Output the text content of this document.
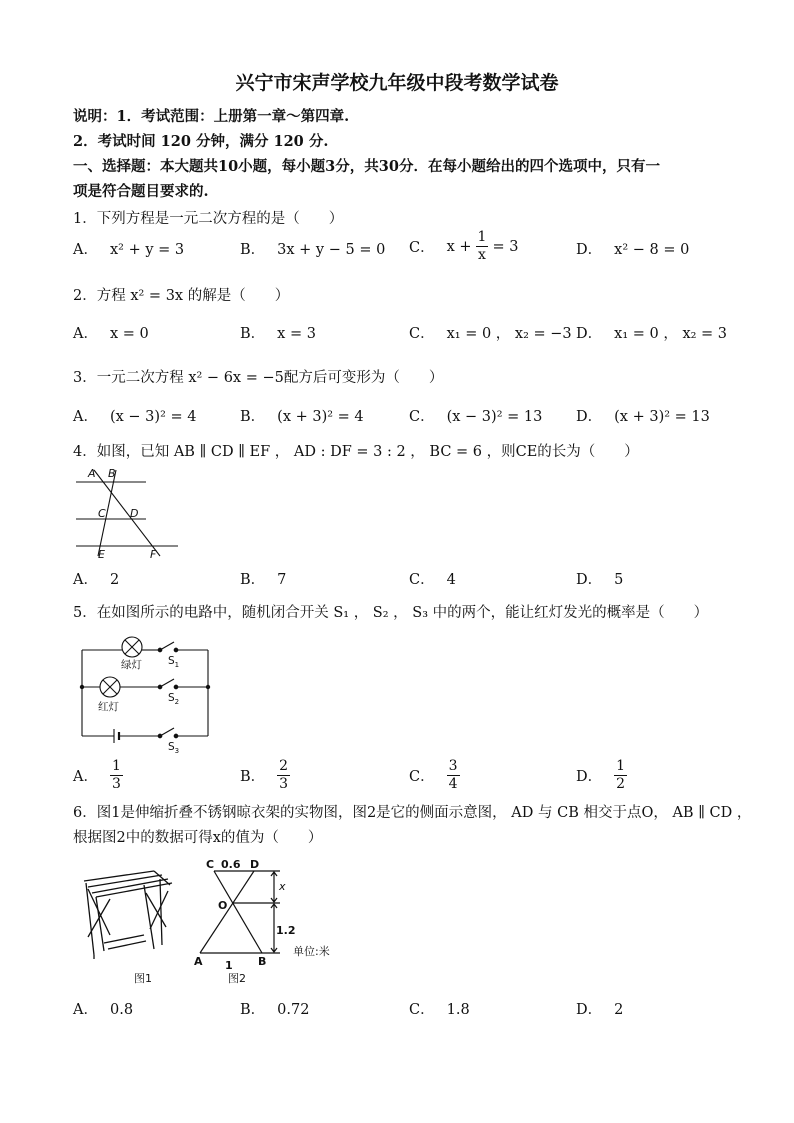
兴宁市宋声学校九年级中段考数学试卷
说明：1．考试范围：上册第一章～第四章.
2．考试时间 120 分钟，满分 120 分.
一、选择题：本大题共10小题，每小题3分，共30分．在每小题给出的四个选项中，只有一
项是符合题目要求的.
1．下列方程是一元二次方程的是（　　）
A． x² + y = 3	B． 3x + y − 5 = 0 C． $x + \frac{1}{x} = 3$	D． x² − 8 = 0
2．方程 x² = 3x 的解是（　　）
A． x = 0	B． x = 3	C． x₁ = 0 ， x₂ = −3 D． x₁ = 0 ， x₂ = 3
3．一元二次方程 x² − 6x = −5配方后可变形为（　　）
A． (x − 3)² = 4	B． (x + 3)² = 4	C． (x − 3)² = 13 D． (x + 3)² = 13
4．如图，已知 AB ∥ CD ∥ EF ， AD : DF = 3 : 2 ， BC = 6 ，则CE的长为（　　）
A B
C D
E	F
A． 2	B． 7	C． 4	D． 5
5．在如图所示的电路中，随机闭合开关 S₁ ， S₂ ， S₃ 中的两个，能让红灯发光的概率是（　　）
绿灯
红灯
$S_1$
$S_2$
$S_3$
A． $\frac{1}{3}$	B． $\frac{2}{3}$	C． $\frac{3}{4}$	D． $\frac{1}{2}$
6．图1是伸缩折叠不锈钢晾衣架的实物图，图2是它的侧面示意图， AD 与 CB 相交于点O， AB ∥ CD ，
根据图2中的数据可得x的值为（　　）
C 0.6 D
O
x
1.2
A 1 B
单位:米
图1	图2
A． 0.8	B． 0.72	C． 1.8	D． 2
